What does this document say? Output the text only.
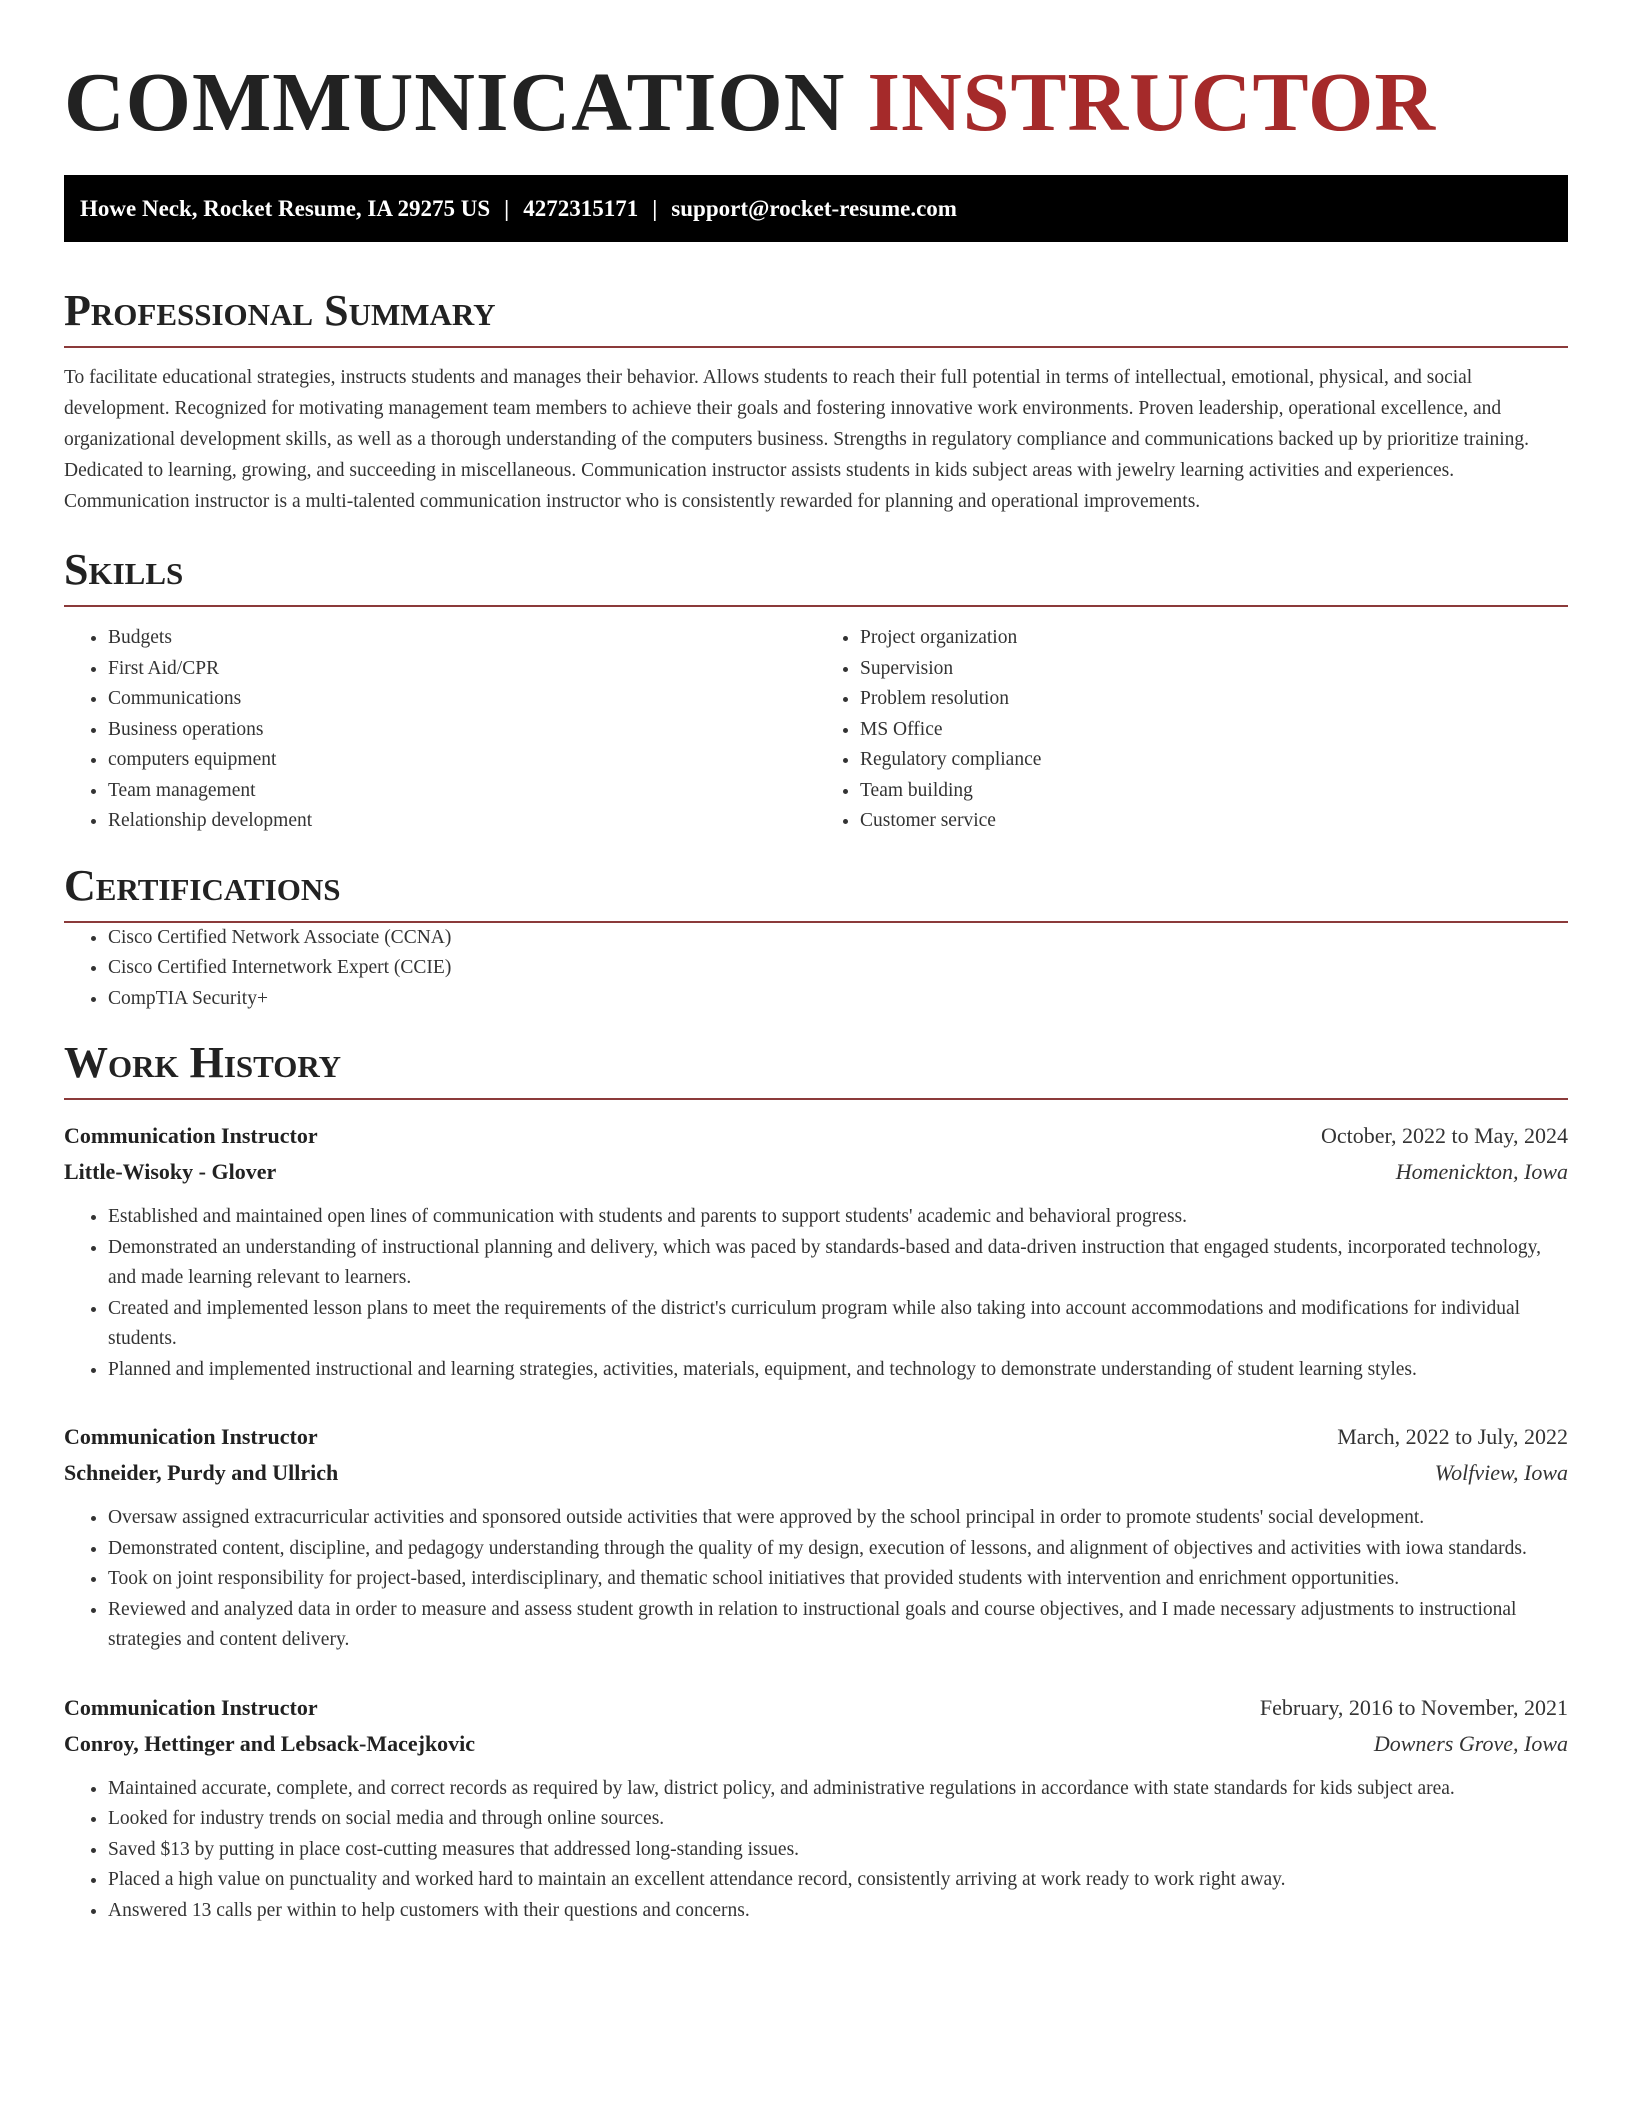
COMMUNICATION INSTRUCTOR
Howe Neck, Rocket Resume, IA 29275 US | 4272315171 | support@rocket-resume.com
Professional Summary

To facilitate educational strategies, instructs students and manages their behavior. Allows students to reach their full potential in terms of intellectual, emotional, physical, and social development. Recognized for motivating management team members to achieve their goals and fostering innovative work environments. Proven leadership, operational excellence, and organizational development skills, as well as a thorough understanding of the computers business. Strengths in regulatory compliance and communications backed up by prioritize training. Dedicated to learning, growing, and succeeding in miscellaneous. Communication instructor assists students in kids subject areas with jewelry learning activities and experiences. Communication instructor is a multi-talented communication instructor who is consistently rewarded for planning and operational improvements.

Skills
• Budgets
• First Aid/CPR
• Communications
• Business operations
• computers equipment
• Team management
• Relationship development
• Project organization
• Supervision
• Problem resolution
• MS Office
• Regulatory compliance
• Team building
• Customer service
Certifications
• Cisco Certified Network Associate (CCNA)
• Cisco Certified Internetwork Expert (CCIE)
• CompTIA Security+
Work History
Communication Instructor	October, 2022 to May, 2024
Little-Wisoky - Glover	Homenickton, Iowa
• Established and maintained open lines of communication with students and parents to support students' academic and behavioral progress.
• Demonstrated an understanding of instructional planning and delivery, which was paced by standards-based and data-driven instruction that engaged students, incorporated technology, and made learning relevant to learners.
• Created and implemented lesson plans to meet the requirements of the district's curriculum program while also taking into account accommodations and modifications for individual students.
• Planned and implemented instructional and learning strategies, activities, materials, equipment, and technology to demonstrate understanding of student learning styles.
Communication Instructor	March, 2022 to July, 2022
Schneider, Purdy and Ullrich	Wolfview, Iowa
• Oversaw assigned extracurricular activities and sponsored outside activities that were approved by the school principal in order to promote students' social development.
• Demonstrated content, discipline, and pedagogy understanding through the quality of my design, execution of lessons, and alignment of objectives and activities with iowa standards.
• Took on joint responsibility for project-based, interdisciplinary, and thematic school initiatives that provided students with intervention and enrichment opportunities.
• Reviewed and analyzed data in order to measure and assess student growth in relation to instructional goals and course objectives, and I made necessary adjustments to instructional strategies and content delivery.
Communication Instructor	February, 2016 to November, 2021
Conroy, Hettinger and Lebsack-Macejkovic	Downers Grove, Iowa
• Maintained accurate, complete, and correct records as required by law, district policy, and administrative regulations in accordance with state standards for kids subject area.
• Looked for industry trends on social media and through online sources.
• Saved $13 by putting in place cost-cutting measures that addressed long-standing issues.
• Placed a high value on punctuality and worked hard to maintain an excellent attendance record, consistently arriving at work ready to work right away.
• Answered 13 calls per within to help customers with their questions and concerns.
